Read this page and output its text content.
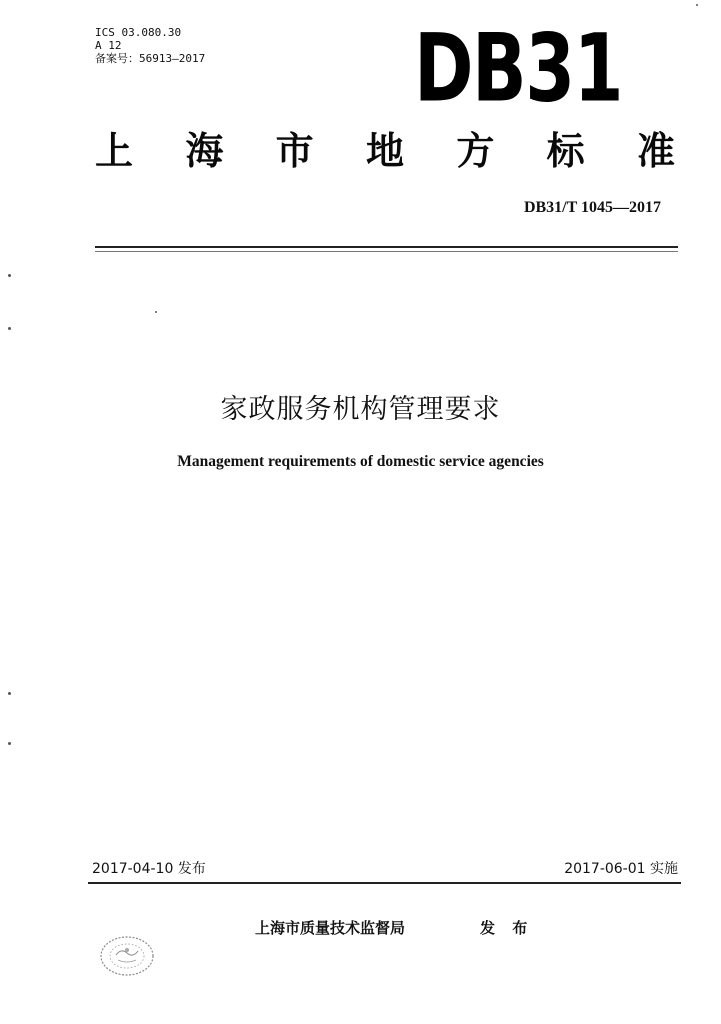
ICS 03.080.30
A 12
备案号：56913—2017 DB31
上 海 市 地 方 标 准
DB31/T 1045—2017
家政服务机构管理要求
Management requirements of domestic service agencies
2017-04-10 发布	2017-06-01 实施
上海市质量技术监督局	发 布
